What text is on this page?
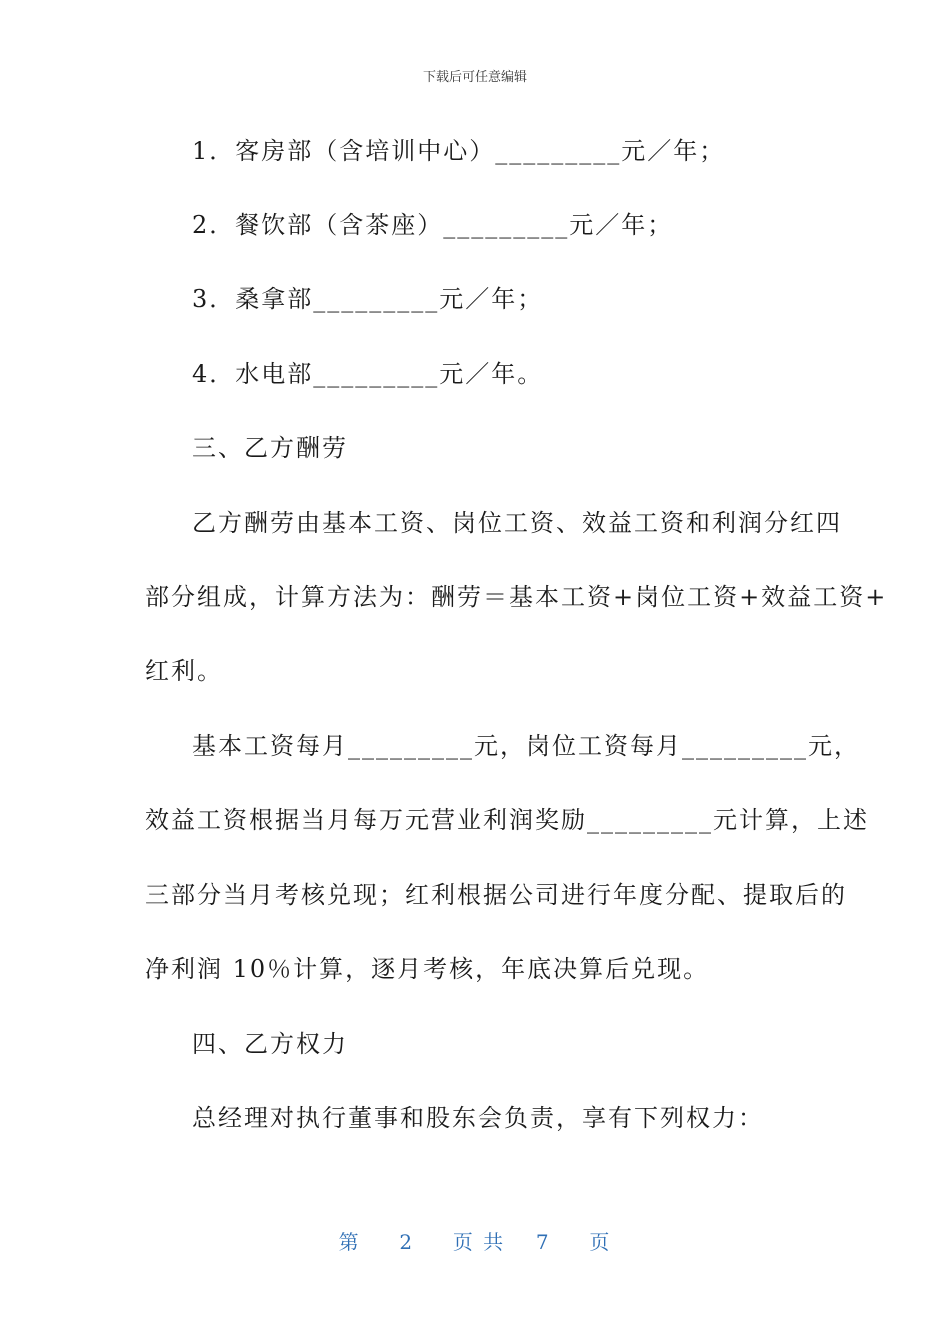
下载后可任意编辑
1．客房部（含培训中心）_________元／年；
2．餐饮部（含茶座）_________元／年；
3．桑拿部_________元／年；
4．水电部_________元／年。
三、乙方酬劳
乙方酬劳由基本工资、岗位工资、效益工资和利润分红四
部分组成，计算方法为：酬劳＝基本工资+岗位工资+效益工资+
红利。
基本工资每月_________元，岗位工资每月_________元，
效益工资根据当月每万元营业利润奖励_________元计算，上述
三部分当月考核兑现；红利根据公司进行年度分配、提取后的
净利润 10％计算，逐月考核，年底决算后兑现。
四、乙方权力
总经理对执行董事和股东会负责，享有下列权力：
第 2 页 共 7 页
